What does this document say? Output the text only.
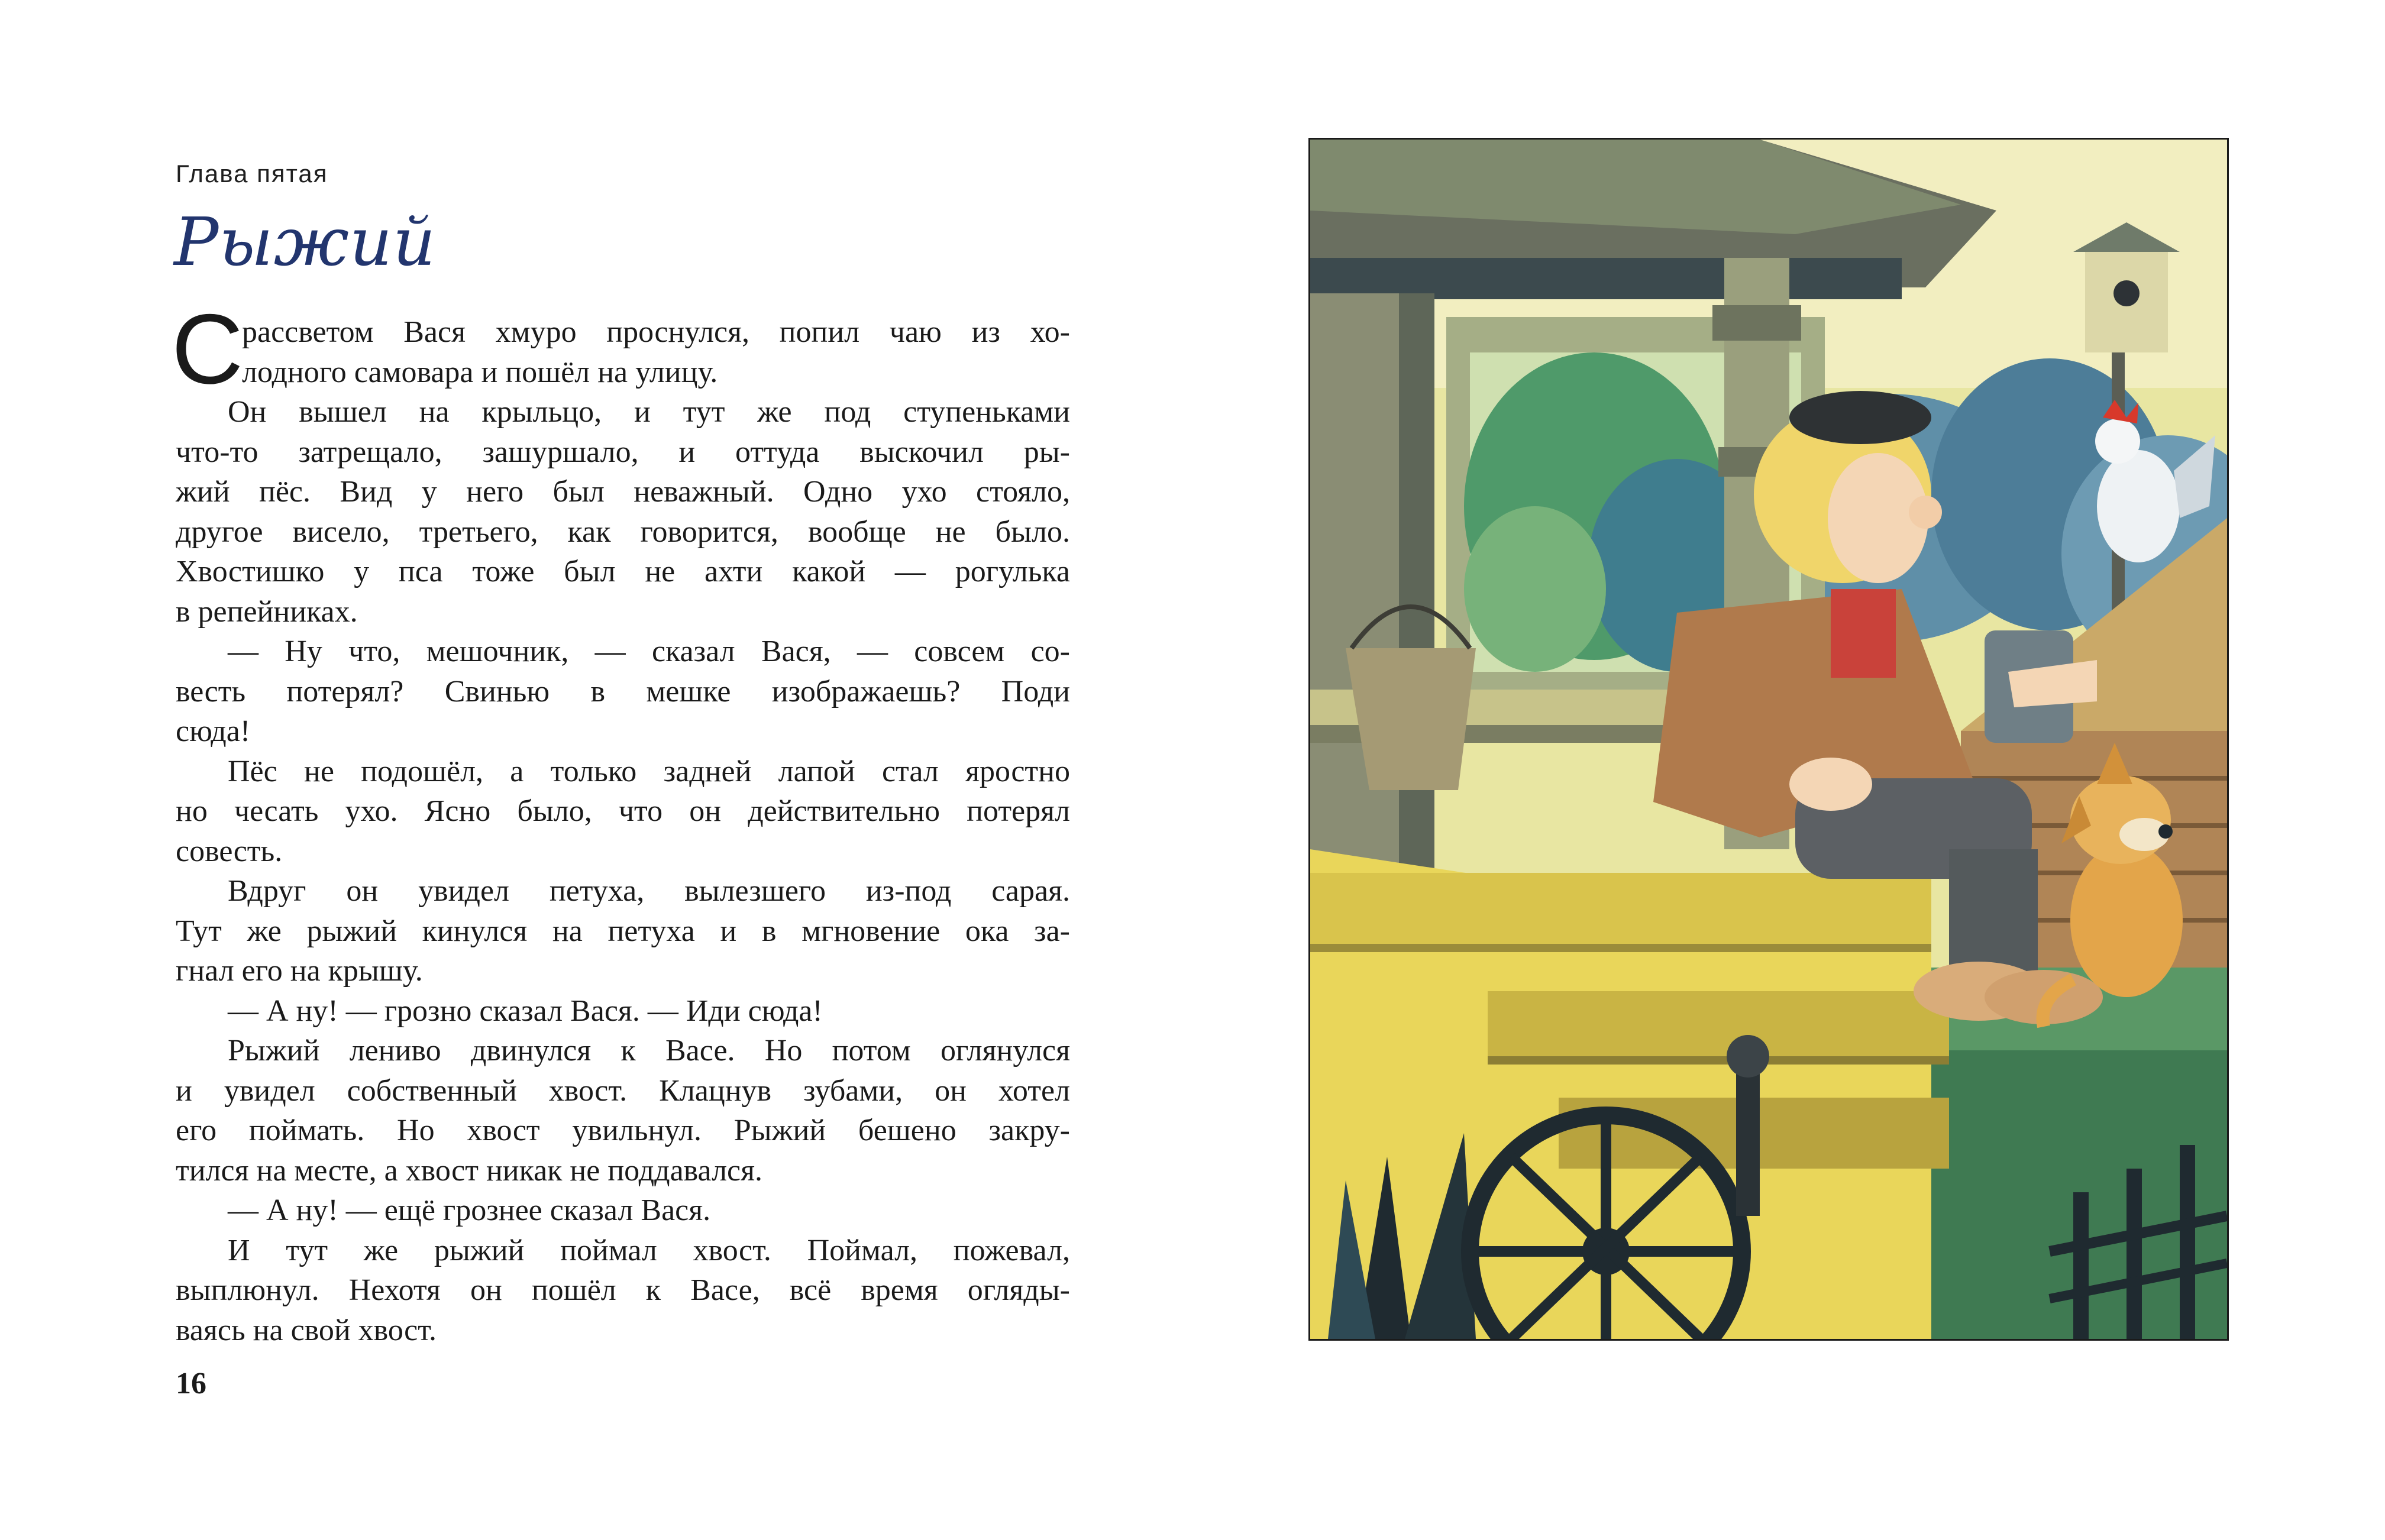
Глава пятая
Рыжий
С
рассветом Вася хмуро проснулся, попил чаю из хо-
лодного самовара и пошёл на улицу.
Он вышел на крыльцо, и тут же под ступеньками
что-то затрещало, зашуршало, и оттуда выскочил ры-
жий пёс. Вид у него был неважный. Одно ухо стояло,
другое висело, третьего, как говорится, вообще не было.
Хвостишко у пса тоже был не ахти какой — рогулька
в репейниках.
— Ну что, мешочник, — сказал Вася, — совсем со-
весть потерял? Свинью в мешке изображаешь? Поди
сюда!
Пёс не подошёл, а только задней лапой стал яростно
но чесать ухо. Ясно было, что он действительно потерял
совесть.
Вдруг он увидел петуха, вылезшего из-под сарая.
Тут же рыжий кинулся на петуха и в мгновение ока за-
гнал его на крышу.
— А ну! — грозно сказал Вася. — Иди сюда!
Рыжий лениво двинулся к Васе. Но потом оглянулся
и увидел собственный хвост. Клацнув зубами, он хотел
его поймать. Но хвост увильнул. Рыжий бешено закру-
тился на месте, а хвост никак не поддавался.
— А ну! — ещё грознее сказал Вася.
И тут же рыжий поймал хвост. Поймал, пожевал,
выплюнул. Нехотя он пошёл к Васе, всё время огляды-
ваясь на свой хвост.
16
